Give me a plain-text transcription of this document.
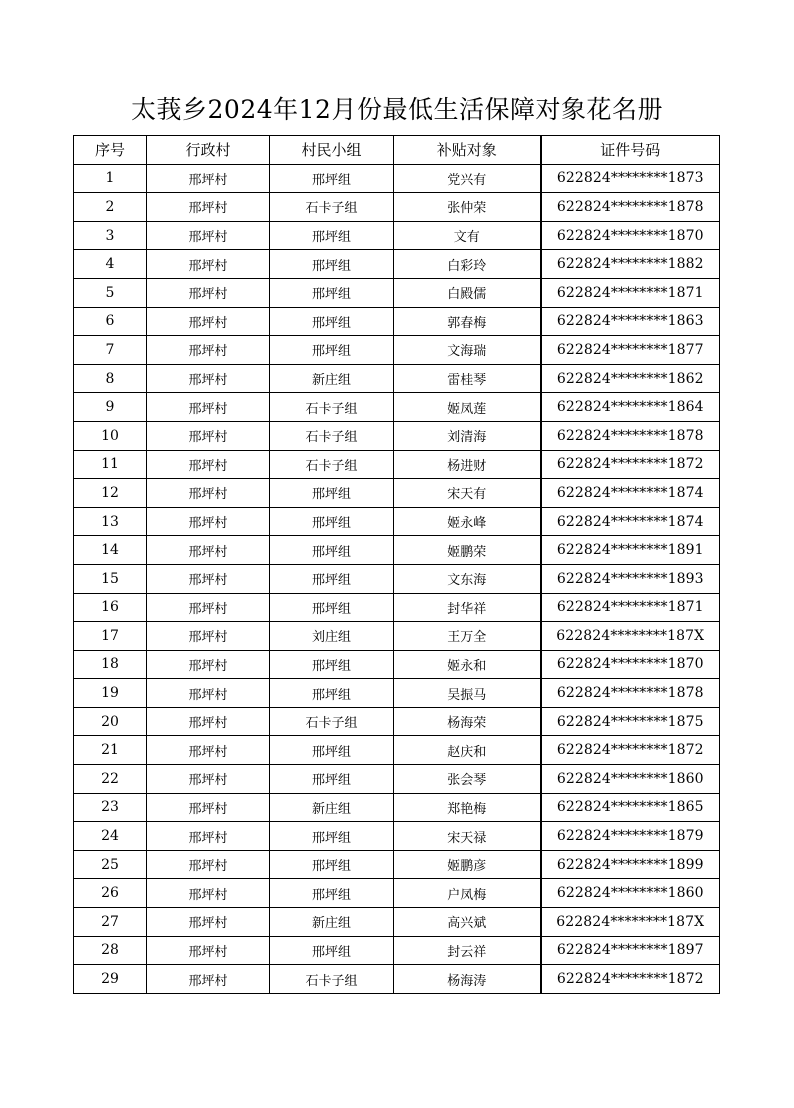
太莪乡2024年12月份最低生活保障对象花名册
序号	行政村	村民小组	补贴对象	证件号码
1	邢坪村	邢坪组	党兴有	622824********1873
2	邢坪村	石卡子组	张仲荣	622824********1878
3	邢坪村	邢坪组	文有	622824********1870
4	邢坪村	邢坪组	白彩玲	622824********1882
5	邢坪村	邢坪组	白殿儒	622824********1871
6	邢坪村	邢坪组	郭春梅	622824********1863
7	邢坪村	邢坪组	文海瑞	622824********1877
8	邢坪村	新庄组	雷桂琴	622824********1862
9	邢坪村	石卡子组	姬凤莲	622824********1864
10	邢坪村	石卡子组	刘清海	622824********1878
11	邢坪村	石卡子组	杨进财	622824********1872
12	邢坪村	邢坪组	宋天有	622824********1874
13	邢坪村	邢坪组	姬永峰	622824********1874
14	邢坪村	邢坪组	姬鹏荣	622824********1891
15	邢坪村	邢坪组	文东海	622824********1893
16	邢坪村	邢坪组	封华祥	622824********1871
17	邢坪村	刘庄组	王万全	622824********187X
18	邢坪村	邢坪组	姬永和	622824********1870
19	邢坪村	邢坪组	吴振马	622824********1878
20	邢坪村	石卡子组	杨海荣	622824********1875
21	邢坪村	邢坪组	赵庆和	622824********1872
22	邢坪村	邢坪组	张会琴	622824********1860
23	邢坪村	新庄组	郑艳梅	622824********1865
24	邢坪村	邢坪组	宋天禄	622824********1879
25	邢坪村	邢坪组	姬鹏彦	622824********1899
26	邢坪村	邢坪组	户凤梅	622824********1860
27	邢坪村	新庄组	高兴斌	622824********187X
28	邢坪村	邢坪组	封云祥	622824********1897
29	邢坪村	石卡子组	杨海涛	622824********1872
